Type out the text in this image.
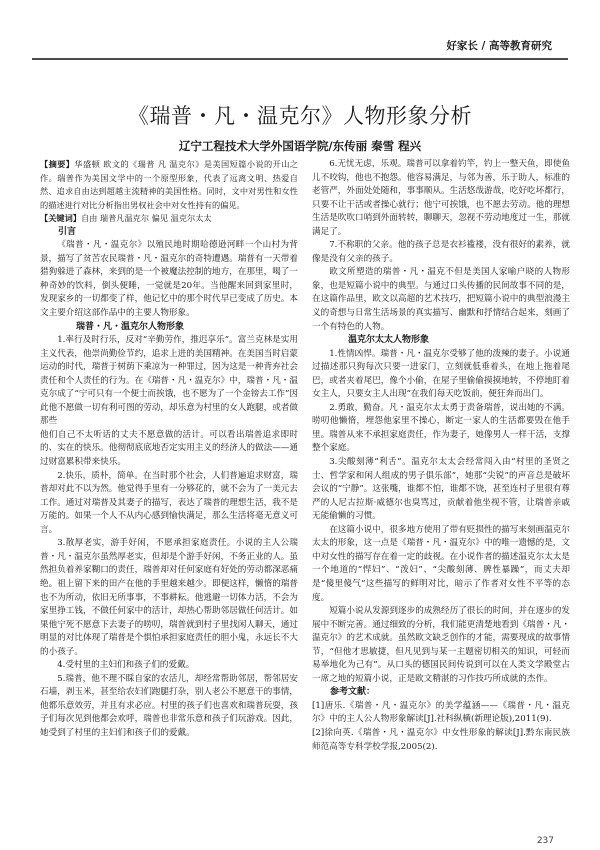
好家长 / 高等教育研究
《瑞普・凡・温克尔》人物形象分析
辽宁工程技术大学外国语学院/东传丽 秦雪 程兴

【摘要】华盛顿 欧文的《瑞普 凡 温克尔》是美国短篇小说的开山之作。瑞普作为美国文学中的一个原型形象，代表了远离文明、热爱自然、追求自由达到超越主流精神的美国性格。同时，文中对男性和女性的描述进行对比分析指出男权社会中对女性持有的偏见。

【关键词】自由 瑞普凡温克尔 偏见 温克尔太太

引言

《瑞普・凡・温克尔》以殖民地时期哈德逊河畔一个山村为背景，描写了贫苦农民瑞普・凡・温克尔的奇特遭遇。瑞普有一天带着猎狗躲进了森林，来到的是一个被魔法控制的地方，在那里，喝了一种奇妙的饮料，倒头便睡，一觉就是20年。当他醒来回到家里时，发现家乡的一切都变了样，他记忆中的那个时代早已变成了历史。本文主要介绍这部作品中的主要人物形象。

瑞普・凡・温克尔人物形象

1.率行及时行乐，反对“辛勤劳作，推迟享乐”。富兰克林是实用主义代表，他崇尚勤俭节约，追求上进的美国精神。在美国当时启蒙运动的时代，瑞普于树荫下乘凉为一种罪过，因为这是一种背弃社会责任和个人责任的行为。在《瑞普・凡・温克尔》中，瑞普・凡・温克尔成了“宁可只有一个便士而挨饿，也不愿为了一个金镑去工作”因此他不愿做一切有利可图的劳动，却乐意为村里的女人跑腿，或者做那些

他们自己不太听话的丈夫不愿意做的活计。可以看出瑞普追求即时的、实在的快乐。他彻彻底底地否定实用主义的经济人的做法——通过财富累积带来快乐。

2.快乐，质朴，简单。在当时那个社会，人们普遍追求财富，瑞普却对此不以为然。他觉得手里有一分够花的，就不会为了一美元去工作。通过对瑞普及其妻子的描写，表达了瑞普的理想生活，我不是万能的。如果一个人不从内心感到愉快满足，那么生活将毫无意义可言。

3.散厚老实，游手好闲，不愿承担家庭责任。小说的主人公瑞普・凡・温克尔虽然厚老实，但却是个游手好闲，不务正业的人。虽然担负着养家糊口的责任，瑞普却对任何家庭有好处的劳动都深恶痛绝。祖上留下来的田产在他的手里越来越少。即便这样，懒惰的瑞普也不为所动，依旧无所事事，不事耕耘。他逃避一切体力活，不会为家里挣工钱，不做任何家中的活计，却热心帮助邻居做任何活计。如果他宁死不愿意下去妻子的唠叨，瑞普就到村子里找闲人聊天，通过明显的对比体现了瑞普是个惧怕承担家庭责任的胆小鬼，永远长不大的小孩子。

4.受村里的主妇们和孩子们的爱戴。

5.瑞普，他不理不睬自家的农活儿，却经常帮助邻居，帮邻居安石墙，剥玉米，甚至给农妇们跑腿打杂，别人老公不愿意干的事情，他都乐意效劳，并且有求必应。村里的孩子们也喜欢和瑞普玩耍，孩子们每次见到他都会欢呼，瑞普也非常乐意和孩子们玩游戏。因此，她受到了村里的主妇们和孩子们的爱戴。

6.无忧无虑，乐观。瑞普可以拿着钓竿，钓上一整天鱼，即使鱼儿不咬钩，他也不抱怨。他容易满足，与邻为善，乐于助人，标准的老管严，外面处处随和，事事顺从。生活悠哉游哉，吃好吃坏都行，只要不让干活或者操心就行；他宁可挨饿，也不愿去劳动。他的理想生活是吹吹口哨到外面转转，聊聊天，忽视不劳动地度过一生，那就满足了。

7.不称职的父亲。他的孩子总是衣衫褴褛，没有很好的素养，就像是没有父亲的孩子。

欧文所塑造的瑞普・凡・温克不但是美国人家喻户晓的人物形象，也是短篇小说中的典型。与通过口头传播的民间故事不同的是，在这篇作品里，欧文以高超的艺术技巧，把短篇小说中的典型浪漫主义的奇想与日常生活场景的真实描写、幽默和抒情结合起来，刻画了一个有特色的人物。

温克尔太太人物形象

1.性情凶悍。瑞普・凡・温克尔受够了他的泼辣的妻子。小说通过描述那只狗每次只要一进家门，立刻就低垂着头，在地上拖着尾巴，或者夹着尾巴，像个小偷，在屋子里偷偷摸摸地转，不停地盯着女主人，只要女主人出现“在我们每天吃饭前，便狂奔而出门。

2.勇敢，勤奋。凡・温克尔太太勇于责备瑞普，说出她的不满。唠叨他懒惰，埋怨他家里不操心，断定一家人的生活都要毁在他手里。瑞普从来不承担家庭责任，作为妻子，她像男人一样干活，支撑整个家庭。

3.尖酸刻薄“利舌”。温克尔太太会经常闯入由“村里的圣贤之士、哲学家和闲人组成的男子俱乐部”，她那“尖锐”的声音总是破坏会议的“宁静”。这张嘴，谁都不怕，谁都不饶，甚至连村子里很有尊严的人尼古拉斯·威德尔也臭骂过，贡献着他坐视不管，让瑞普亲戚无能偷懒的习惯。

在这篇小说中，很多地方使用了带有贬损性的描写来刻画温克尔太太的形象，这一点是《瑞普・凡・温克尔》中的唯一遗憾的是，文中对女性的描写存在着一定的歧视。在小说作者的描述温克尔太太是一个地道的“悍妇”、“泼妇”、“尖酸刻薄、脾性暴躁”，而丈夫却是“傻里傻气”这些描写的鲜明对比，暗示了作者对女性不平等的态度。

短篇小说从发源到逐步的成熟经历了很长的时间，并在逐步的发展中不断完善。通过细致的分析，我们能更清楚地看到《瑞普・凡・温克尔》的艺术成就。虽然欧文缺乏创作的才能，需要现成的故事情节，“但他才思敏捷，但凡见到与某一主题密切相关的知识，可轻而易举地化为己有”。从口头的德国民间传说到可以在人类文学殿堂占一席之地的短篇小说，正是欧文精湛的习作技巧所成就的杰作。

参考文献：

[1]唐乐.《瑞普・凡・温克尔》的美学蕴涵——《瑞普・凡・温克尔》中的主人公人物形象解读[J].社科纵横(新理论版),2011(9).

[2]徐向英.《瑞普・凡・温克尔》中女性形象的解读[J].黔东南民族师范高等专科学校学报,2005(2).

237
